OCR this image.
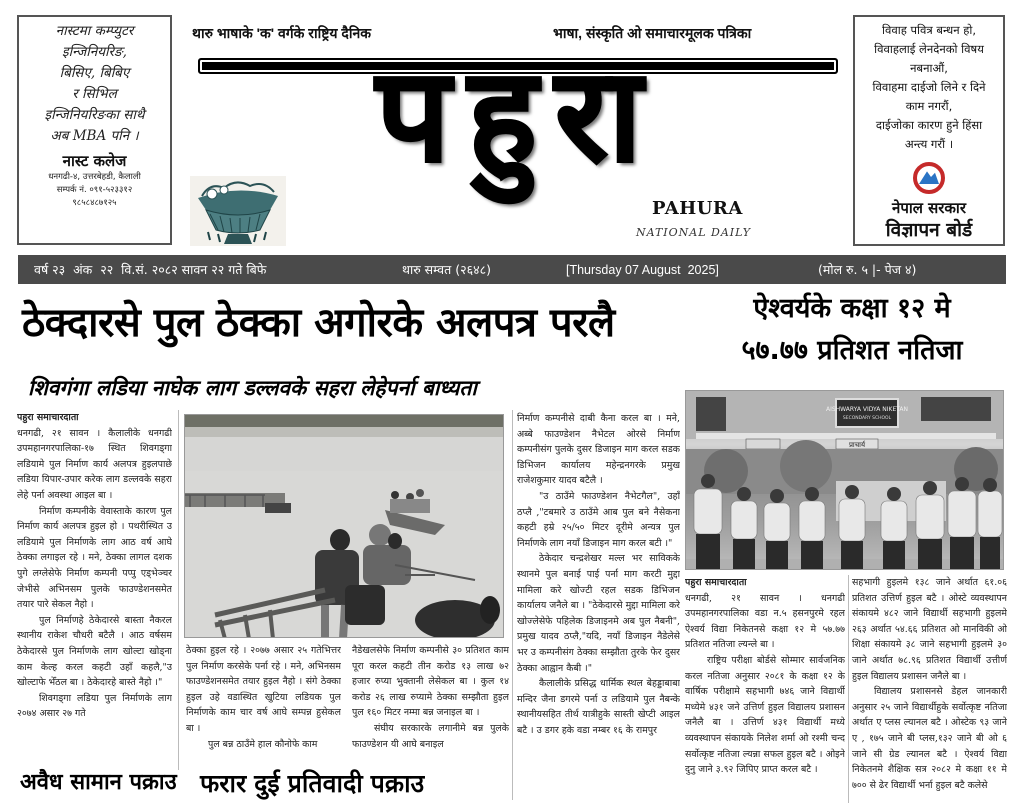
नास्टमा कम्प्युटर
इन्जिनियरिङ,
बिसिए, बिबिए
र सिभिल
इन्जिनियरिङका साथै
अब MBA पनि ।
नास्ट कलेज
धनगढी-४, उत्तरबेहडी, कैलाली
सम्पर्क नं. ०९१-५२३३१२
९८५८४८७१२५
विवाह पवित्र बन्धन हो,
विवाहलाई लेनदेनको विषय
नबनाऔं,
विवाहमा दाईजो लिने र दिने
काम नगरौं,
दाईजोका कारण हुने हिंसा
अन्त्य गरौं ।
नेपाल सरकार
विज्ञापन बोर्ड
थारु भाषाके 'क' वर्गके राष्ट्रिय दैनिक	भाषा, संस्कृति ओ समाचारमूलक पत्रिका
पहुरा
PAHURA
NATIONAL DAILY
वर्ष २३  अंक  २२  वि.सं. २०८२ सावन २२ गते बिफे	थारु सम्वत (२६४८)	[Thursday 07 August  2025]	(मोल रु. ५ |- पेज ४)
ठेक्दारसे पुल ठेक्का अगोरके अलपत्र परलै
शिवगंगा लडिया नाघेक लाग डल्लवके सहरा लेहेपर्ना बाध्यता
ऐश्वर्यके कक्षा १२ मे
५७.७७ प्रतिशत नतिजा

पहुरा समाचारदाता

धनगढी, २१ सावन । कैलालीके धनगढी उपमहानगरपालिका-१७ स्थित शिवगड्गा लडियामे पुल निर्माण कार्य अलपत्र हुइलपाछे लडिया यिपार-उपार करेक लाग डल्लवके सहरा लेहे पर्ना अवस्था आइल बा ।

निर्माण कम्पनीके वेवास्ताके कारण पुल निर्माण कार्य अलपत्र हुइल हो । पथरीस्थित उ लडियामे पुल निर्माणके लाग आठ वर्ष आघे ठेक्का लगाइल रहे । मने, ठेक्का लागल दशक पुगे लग्लेसेफे निर्माण कम्पनी पप्पु एड्भेञ्चर जेभीसे अभिनसम पुलके फाउण्डेशनसमेत तयार पारे सेकल नैहो ।

पुल निर्माणहे ठेकेदारसे बास्ता नैकरल स्थानीय राकेश चौधरी बटैलै । आठ वर्षसम ठेकेदारसे पुल निर्माणके लाग खोल्टा खोड्ना काम केल्ह करल कहटी उहाँ कहलै,"उ खोल्टाफे भेँठल बा । ठेकेदारहे बास्ते नैहो ।"

शिवगड्गा लडिया पुल निर्माणके लाग २०७४ असार २७ गते

ठेक्का हुइल रहे । २०७७ असार २५ गतेभित्तर पुल निर्माण करसेके पर्ना रहे । मने, अभिनसम फाउण्डेशनसमेत तयार हुइल नैहो । संगे ठेक्का हुइल उहे वडास्थित खुटिया लडियक पुल निर्माणके काम चार वर्ष आघे सम्पन्न हुसेकल बा ।

पुल बन्न ठाउँमे हाल कौनोफे काम

नैडेखलसेफे निर्माण कम्पनीसे ३० प्रतिशत काम पूरा करल कहटी तीन करोड १३ लाख ७२ हजार रुप्या भुक्तानी लेसेकल बा । कुल १४ करोड २६ लाख रुप्यामे ठेक्का सम्झौता हुइल पुल १६० मिटर नम्मा बन्न जनाइल बा ।

संघीय सरकारके लगानीमे बन्न पुलके फाउण्डेशन यी आघे बनाइल

निर्माण कम्पनीसे दाबी कैना करल बा । मने, अब्बे फाउण्डेशन नैभेटल ओरसे निर्माण कम्पनीसंग पुलके दुसर डिजाइन माग करल सडक डिभिजन कार्यालय महेन्द्रनगरके प्रमुख राजेशकुमार यादव बटैलै ।

"उ ठाउँमे फाउण्डेशन नैभेटगैल", उहाँ ठप्लै ,"टबमारे उ ठाउँमे आब पुल बने नैसेकना कहटी हम्रे २५/५० मिटर दूरीमे अन्यत्र पुल निर्माणके लाग नयाँ डिजाइन माग करल बटी ।"

ठेकेदार चन्द्रशेखर मल्ल भर साविकके स्थानमे पुल बनाई पाई पर्ना माग करटी मुद्दा मामिला करे खोज्टी रहल सडक डिभिजन कार्यालय जनैले बा । "ठेकेदारसे मुद्दा मामिला करे खोज्लेसेफे पहिलेक डिजाइनमे अब पुल नैबनी", प्रमुख यादव ठप्लै,"यदि, नयाँ डिजाइन नैडेलेसे भर उ कम्पनीसंग ठेक्का सम्झौता तुरके फेर दुसर ठेक्का आह्वान कैबी ।"

कैलालीके प्रसिद्ध धार्मिक स्थल बेहड्डाबाबा मन्दिर जैना डगरमे पर्ना उ लडियामे पुल नैबन्के स्थानीयसहित तीर्थ यात्रीहुके सास्ती खेप्टी आइल बटै । उ डगर हके वडा नम्बर १६ के रामपुर

AISHWARYA VIDYA NIKETAN
SECONDARY SCHOOL
प्राचार्य

पहुरा समाचारदाता

धनगढी, २१ सावन । धनगढी उपमहानगरपालिका वडा न.५ हसनपुरमे रहल ऐश्वर्य विद्या निकेतनसे कक्षा १२ मे ५७.७७ प्रतिशत नतिजा ल्यन्ले बा ।

राष्ट्रिय परीक्षा बोर्डसे सोम्मार सार्वजनिक करल नतिजा अनुसार २०८१ के कक्षा १२ के वार्षिक परीक्षामे सहभागी ७४६ जाने विद्यार्थी मध्येमे ४३१ जने उत्तिर्ण हुइल विद्यालय प्रशासन जनैलै बा । उत्तिर्ण ४३१ विद्यार्थी मध्ये व्यवस्थापन संकायके निलेश शर्मा ओ रश्मी चन्द सर्वोत्कृष्ट नतिजा ल्यन्ना सफल हुइल बटै । ओइने दुनु जाने ३.९२ जिपिए प्राप्त करल बटै ।

सहभागी हुइलमे १३८ जाने अर्थात ६१.०६ प्रतिशत उत्तिर्ण हुइल बटै । ओस्टे व्यवस्थापन संकायमे ४८२ जाने विद्यार्थी सहभागी हुइलमे २६३ अर्थात ५४.६६ प्रतिशत ओ मानविकी ओ शिक्षा संकायमे ३८ जाने सहभागी हुइलमे ३० जाने अर्थात ७८.९६ प्रतिशत विद्यार्थी उत्तीर्ण हुइल विद्यालय प्रशासन जनैले बा ।

विद्यालय प्रशासनसे डेहल जानकारी अनुसार २५ जाने विद्यार्थीहुके सर्वोत्कृष्ट नतिजा अर्थात ए प्लस ल्यानल बटै । ओस्टेक ९३ जाने ए , १७५ जाने बी प्लस,१३२ जाने बी ओ ६ जाने सी ग्रेड ल्यानल बटै । ऐश्वर्य विद्या निकेतनमे शैक्षिक सत्र २०८२ मे कक्षा ११ मे ७०० से ढेर विद्यार्थी भर्ना हुइल बटै कलेसे

अवैध सामान पक्राउ फरार दुई प्रतिवादी पक्राउ
